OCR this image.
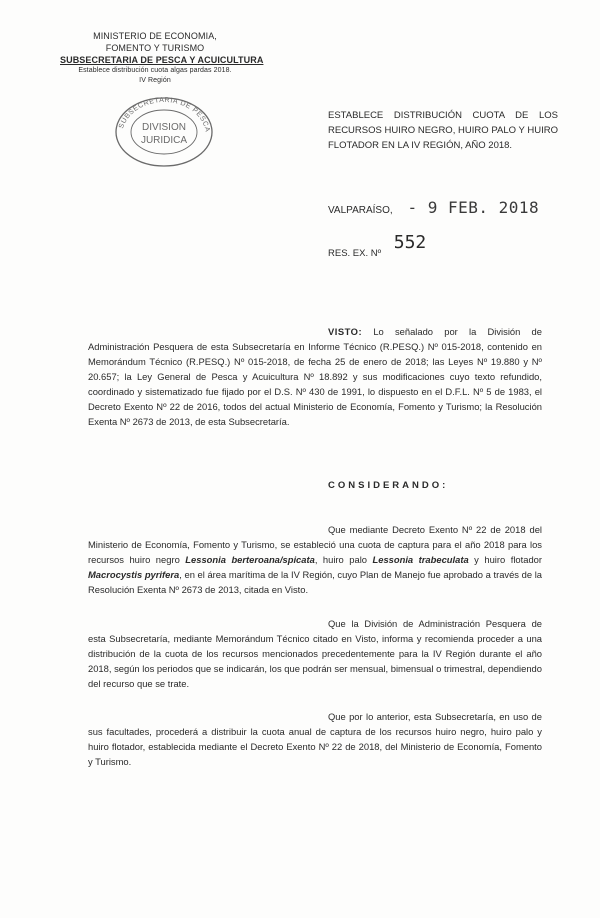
MINISTERIO DE ECONOMIA,
FOMENTO Y TURISMO
SUBSECRETARIA DE PESCA Y ACUICULTURA
Establece distribución cuota algas pardas 2018.
IV Región
SUBSECRETARIA DE PESCA
DIVISION
JURIDICA
ESTABLECE DISTRIBUCIÓN CUOTA DE LOS RECURSOS HUIRO NEGRO, HUIRO PALO Y HUIRO FLOTADOR EN LA IV REGIÓN, AÑO 2018.
VALPARAÍSO, - 9 FEB. 2018
RES. EX. Nº 552
VISTO: Lo señalado por la División de Administración Pesquera de esta Subsecretaría en Informe Técnico (R.PESQ.) Nº 015-2018, contenido en Memorándum Técnico (R.PESQ.) Nº 015-2018, de fecha 25 de enero de 2018; las Leyes Nº 19.880 y Nº 20.657; la Ley General de Pesca y Acuicultura Nº 18.892 y sus modificaciones cuyo texto refundido, coordinado y sistematizado fue fijado por el D.S. Nº 430 de 1991, lo dispuesto en el D.F.L. Nº 5 de 1983, el Decreto Exento Nº 22 de 2016, todos del actual Ministerio de Economía, Fomento y Turismo; la Resolución Exenta Nº 2673 de 2013, de esta Subsecretaría.
CONSIDERANDO:
Que mediante Decreto Exento Nº 22 de 2018 del Ministerio de Economía, Fomento y Turismo, se estableció una cuota de captura para el año 2018 para los recursos huiro negro Lessonia berteroana/spicata, huiro palo Lessonia trabeculata y huiro flotador Macrocystis pyrifera, en el área marítima de la IV Región, cuyo Plan de Manejo fue aprobado a través de la Resolución Exenta Nº 2673 de 2013, citada en Visto.
Que la División de Administración Pesquera de esta Subsecretaría, mediante Memorándum Técnico citado en Visto, informa y recomienda proceder a una distribución de la cuota de los recursos mencionados precedentemente para la IV Región durante el año 2018, según los periodos que se indicarán, los que podrán ser mensual, bimensual o trimestral, dependiendo del recurso que se trate.
Que por lo anterior, esta Subsecretaría, en uso de sus facultades, procederá a distribuir la cuota anual de captura de los recursos huiro negro, huiro palo y huiro flotador, establecida mediante el Decreto Exento Nº 22 de 2018, del Ministerio de Economía, Fomento y Turismo.
